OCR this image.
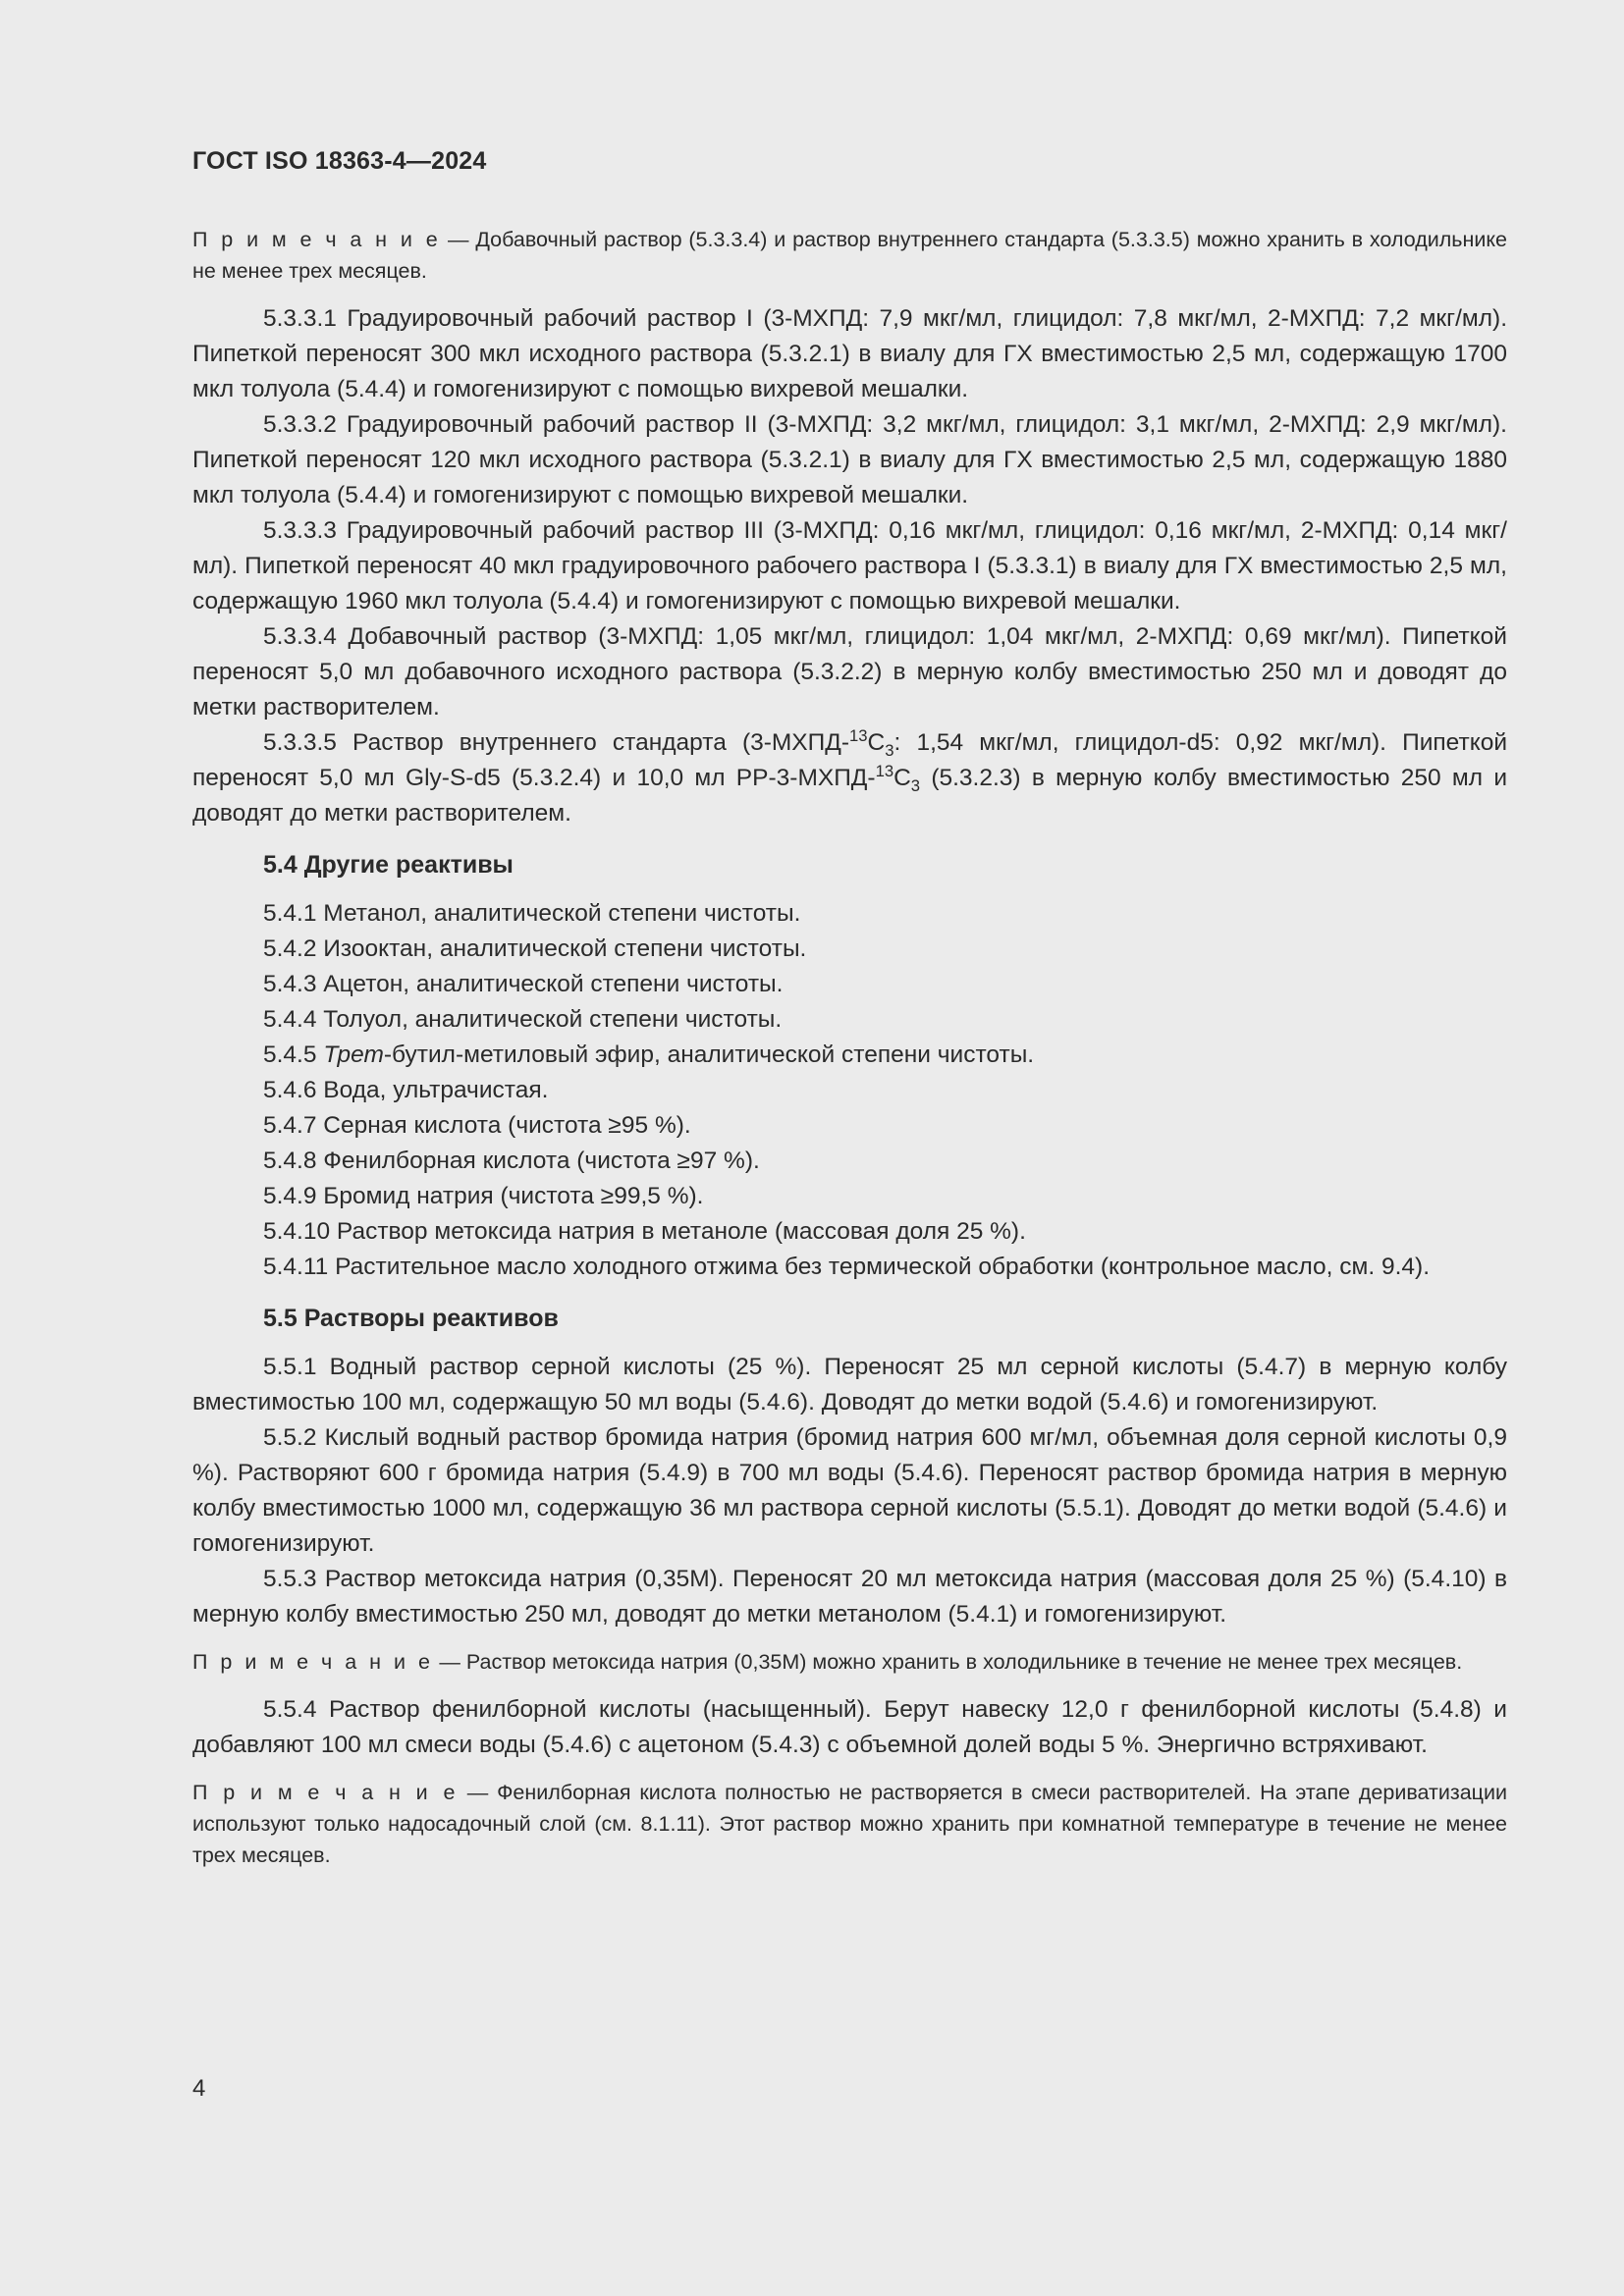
ГОСТ ISO 18363-4—2024
П р и м е ч а н и е — Добавочный раствор (5.3.3.4) и раствор внутреннего стандарта (5.3.3.5) можно хранить в холодильнике не менее трех месяцев.

5.3.3.1 Градуировочный рабочий раствор I (3-МХПД: 7,9 мкг/мл, глицидол: 7,8 мкг/мл, 2-МХПД: 7,2 мкг/мл). Пипеткой переносят 300 мкл исходного раствора (5.3.2.1) в виалу для ГХ вместимостью 2,5 мл, содержащую 1700 мкл толуола (5.4.4) и гомогенизируют с помощью вихревой мешалки.

5.3.3.2 Градуировочный рабочий раствор II (3-МХПД: 3,2 мкг/мл, глицидол: 3,1 мкг/мл, 2-МХПД: 2,9 мкг/мл). Пипеткой переносят 120 мкл исходного раствора (5.3.2.1) в виалу для ГХ вместимостью 2,5 мл, содержащую 1880 мкл толуола (5.4.4) и гомогенизируют с помощью вихревой мешалки.

5.3.3.3 Градуировочный рабочий раствор III (3-МХПД: 0,16 мкг/мл, глицидол: 0,16 мкг/мл, 2-МХПД: 0,14 мкг/мл). Пипеткой переносят 40 мкл градуировочного рабочего раствора I (5.3.3.1) в виалу для ГХ вместимостью 2,5 мл, содержащую 1960 мкл толуола (5.4.4) и гомогенизируют с помощью вихревой мешалки.

5.3.3.4 Добавочный раствор (3-МХПД: 1,05 мкг/мл, глицидол: 1,04 мкг/мл, 2-МХПД: 0,69 мкг/мл). Пипеткой переносят 5,0 мл добавочного исходного раствора (5.3.2.2) в мерную колбу вместимостью 250 мл и доводят до метки растворителем.

5.3.3.5 Раствор внутреннего стандарта ($3-МХПД-^{13}C_3$: 1,54 мкг/мл, глицидол-d5: 0,92 мкг/мл). Пипеткой переносят 5,0 мл Gly-S-d5 (5.3.2.4) и 10,0 мл $PP-3-МХПД-^{13}C_3$ (5.3.2.3) в мерную колбу вместимостью 250 мл и доводят до метки растворителем.

5.4 Другие реактивы
5.4.1 Метанол, аналитической степени чистоты.
5.4.2 Изооктан, аналитической степени чистоты.
5.4.3 Ацетон, аналитической степени чистоты.
5.4.4 Толуол, аналитической степени чистоты.
5.4.5 Трет-бутил-метиловый эфир, аналитической степени чистоты.
5.4.6 Вода, ультрачистая.
5.4.7 Серная кислота (чистота ≥95 %).
5.4.8 Фенилборная кислота (чистота ≥97 %).
5.4.9 Бромид натрия (чистота ≥99,5 %).
5.4.10 Раствор метоксида натрия в метаноле (массовая доля 25 %).

5.4.11 Растительное масло холодного отжима без термической обработки (контрольное масло, см. 9.4).

5.5 Растворы реактивов

5.5.1 Водный раствор серной кислоты (25 %). Переносят 25 мл серной кислоты (5.4.7) в мерную колбу вместимостью 100 мл, содержащую 50 мл воды (5.4.6). Доводят до метки водой (5.4.6) и гомогенизируют.

5.5.2 Кислый водный раствор бромида натрия (бромид натрия 600 мг/мл, объемная доля серной кислоты 0,9 %). Растворяют 600 г бромида натрия (5.4.9) в 700 мл воды (5.4.6). Переносят раствор бромида натрия в мерную колбу вместимостью 1000 мл, содержащую 36 мл раствора серной кислоты (5.5.1). Доводят до метки водой (5.4.6) и гомогенизируют.

5.5.3 Раствор метоксида натрия (0,35M). Переносят 20 мл метоксида натрия (массовая доля 25 %) (5.4.10) в мерную колбу вместимостью 250 мл, доводят до метки метанолом (5.4.1) и гомогенизируют.

П р и м е ч а н и е — Раствор метоксида натрия (0,35M) можно хранить в холодильнике в течение не менее трех месяцев.

5.5.4 Раствор фенилборной кислоты (насыщенный). Берут навеску 12,0 г фенилборной кислоты (5.4.8) и добавляют 100 мл смеси воды (5.4.6) с ацетоном (5.4.3) с объемной долей воды 5 %. Энергично встряхивают.

П р и м е ч а н и е — Фенилборная кислота полностью не растворяется в смеси растворителей. На этапе дериватизации используют только надосадочный слой (см. 8.1.11). Этот раствор можно хранить при комнатной температуре в течение не менее трех месяцев.
4
